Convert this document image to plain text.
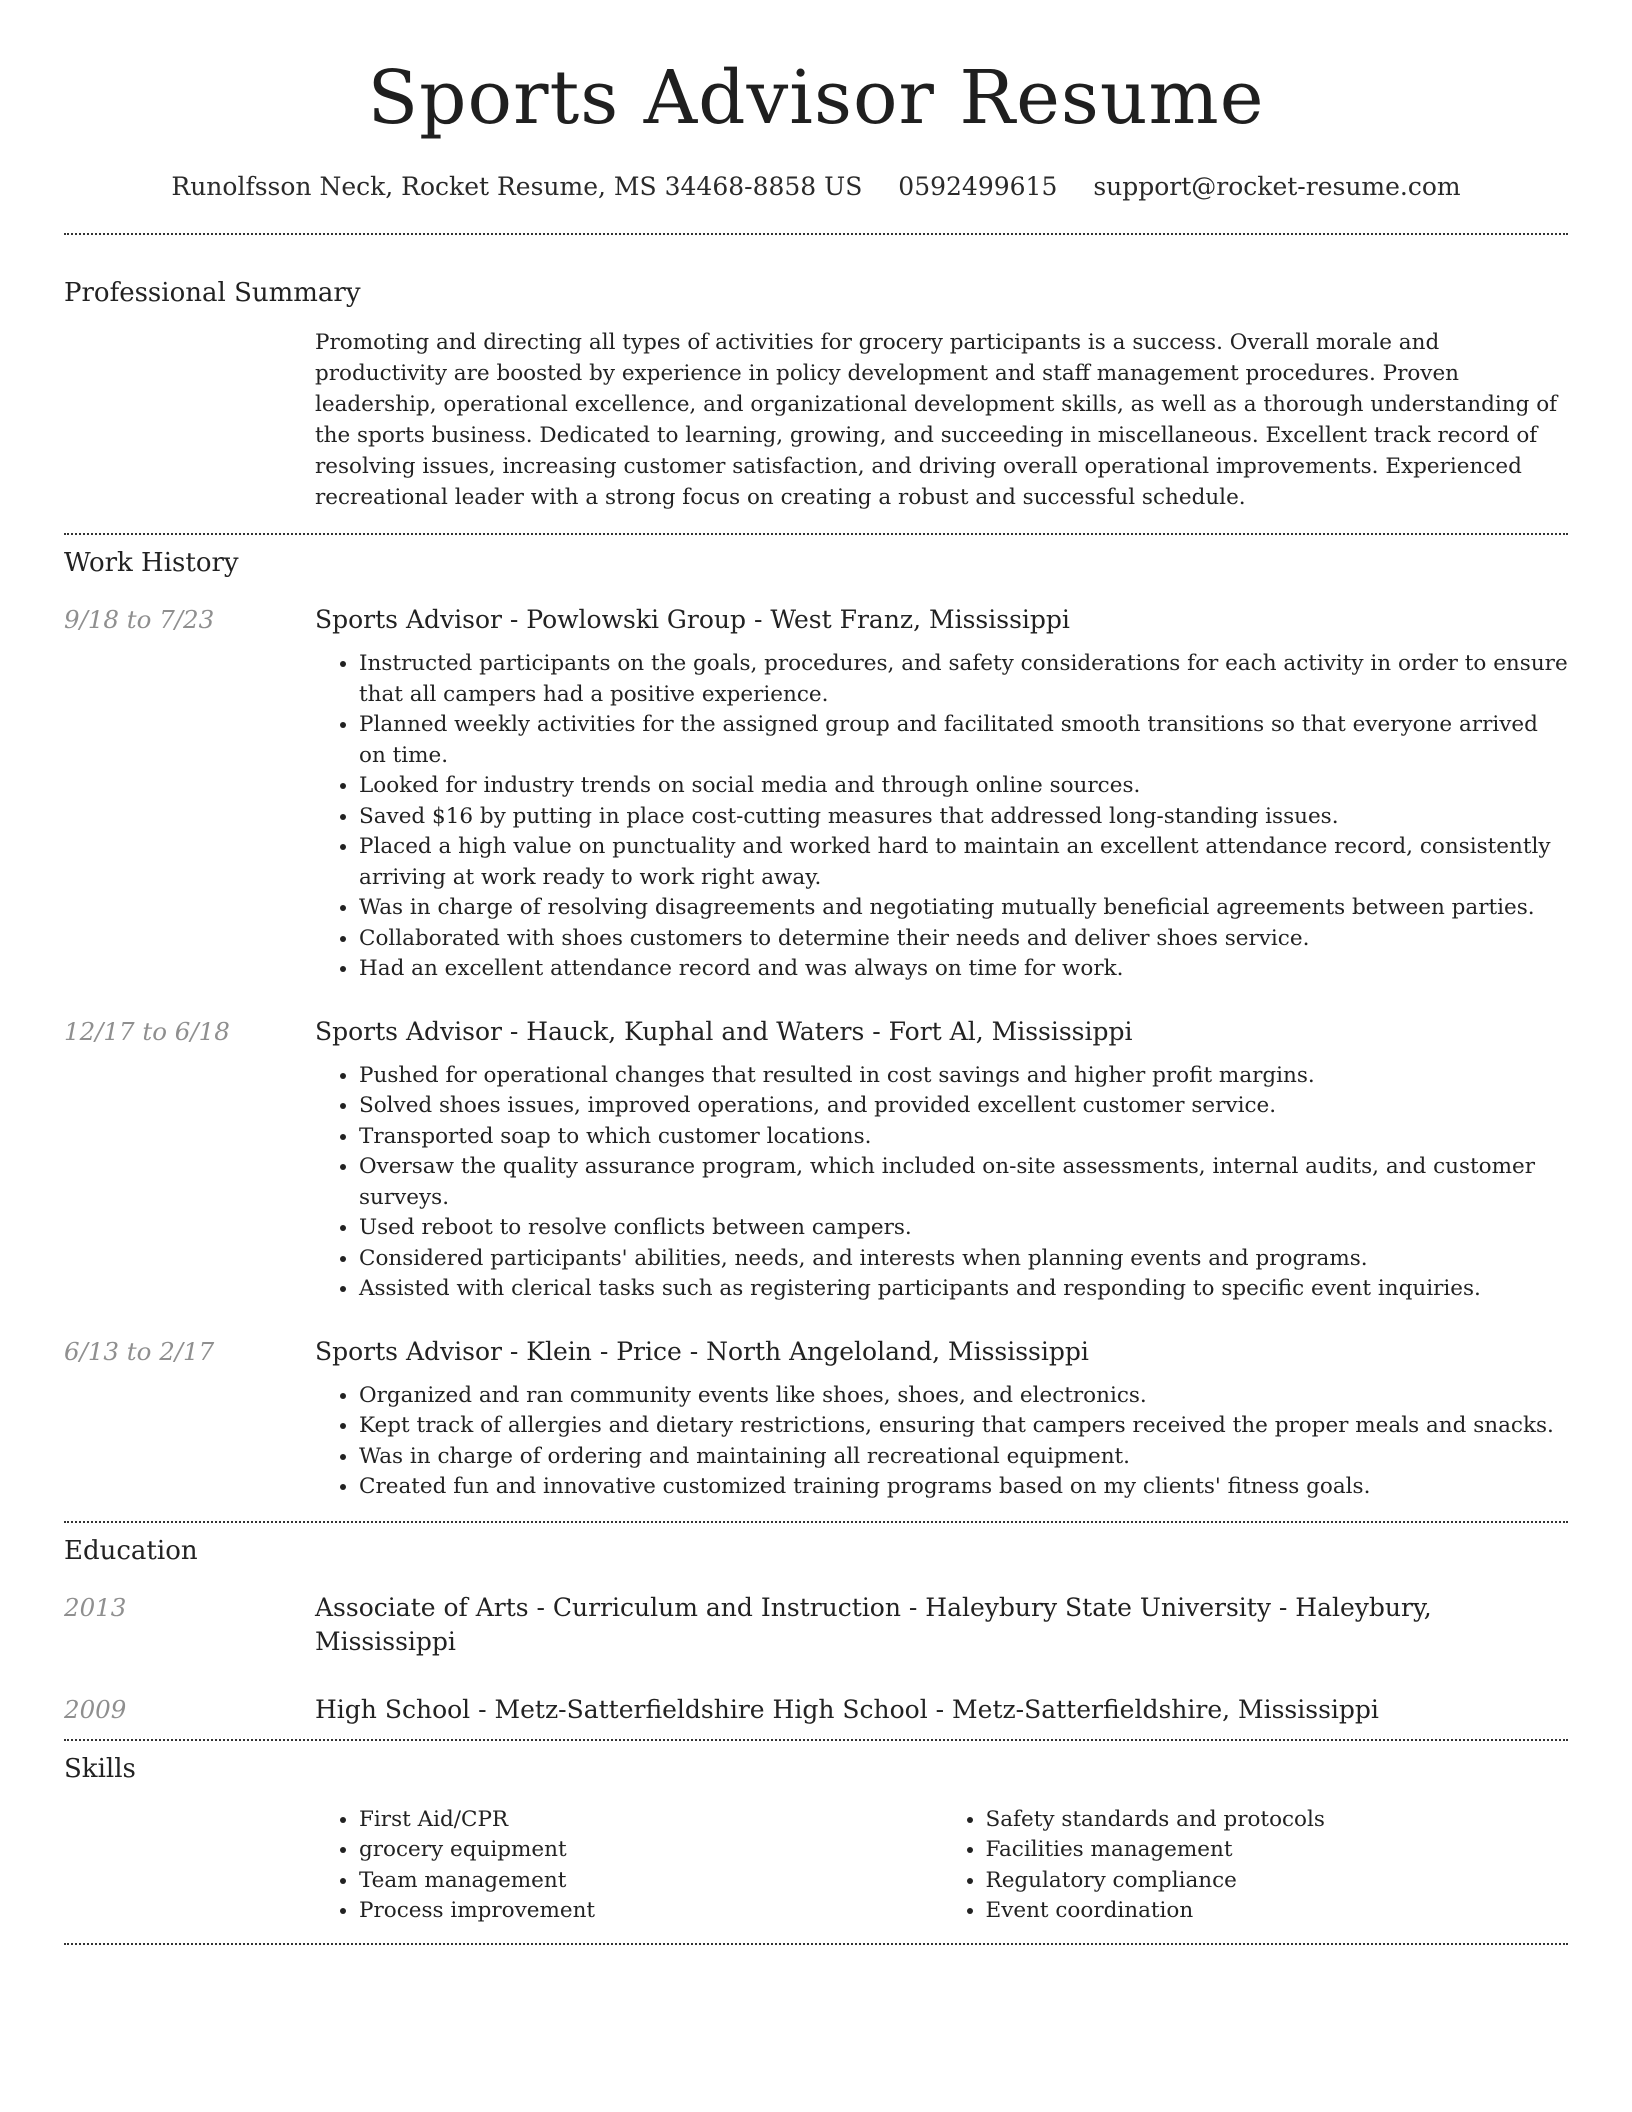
Sports Advisor Resume
Runolfsson Neck, Rocket Resume, MS 34468-8858 US 0592499615 support@rocket-resume.com
Professional Summary
Promoting and directing all types of activities for grocery participants is a success. Overall morale and productivity are boosted by experience in policy development and staff management procedures. Proven leadership, operational excellence, and organizational development skills, as well as a thorough understanding of the sports business. Dedicated to learning, growing, and succeeding in miscellaneous. Excellent track record of resolving issues, increasing customer satisfaction, and driving overall operational improvements. Experienced recreational leader with a strong focus on creating a robust and successful schedule.
Work History
9/18 to 7/23	Sports Advisor - Powlowski Group - West Franz, Mississippi
• Instructed participants on the goals, procedures, and safety considerations for each activity in order to ensure that all campers had a positive experience.
• Planned weekly activities for the assigned group and facilitated smooth transitions so that everyone arrived on time.
• Looked for industry trends on social media and through online sources.
• Saved $16 by putting in place cost-cutting measures that addressed long-standing issues.
• Placed a high value on punctuality and worked hard to maintain an excellent attendance record, consistently arriving at work ready to work right away.
• Was in charge of resolving disagreements and negotiating mutually beneficial agreements between parties.
• Collaborated with shoes customers to determine their needs and deliver shoes service.
• Had an excellent attendance record and was always on time for work.
12/17 to 6/18	Sports Advisor - Hauck, Kuphal and Waters - Fort Al, Mississippi
• Pushed for operational changes that resulted in cost savings and higher profit margins.
• Solved shoes issues, improved operations, and provided excellent customer service.
• Transported soap to which customer locations.
• Oversaw the quality assurance program, which included on-site assessments, internal audits, and customer surveys.
• Used reboot to resolve conflicts between campers.
• Considered participants' abilities, needs, and interests when planning events and programs.
• Assisted with clerical tasks such as registering participants and responding to specific event inquiries.
6/13 to 2/17	Sports Advisor - Klein - Price - North Angeloland, Mississippi
• Organized and ran community events like shoes, shoes, and electronics.
• Kept track of allergies and dietary restrictions, ensuring that campers received the proper meals and snacks.
• Was in charge of ordering and maintaining all recreational equipment.
• Created fun and innovative customized training programs based on my clients' fitness goals.
Education
2013	Associate of Arts - Curriculum and Instruction - Haleybury State University - Haleybury, Mississippi
2009	High School - Metz-Satterfieldshire High School - Metz-Satterfieldshire, Mississippi
Skills
• First Aid/CPR
• grocery equipment
• Team management
• Process improvement
• Safety standards and protocols
• Facilities management
• Regulatory compliance
• Event coordination
